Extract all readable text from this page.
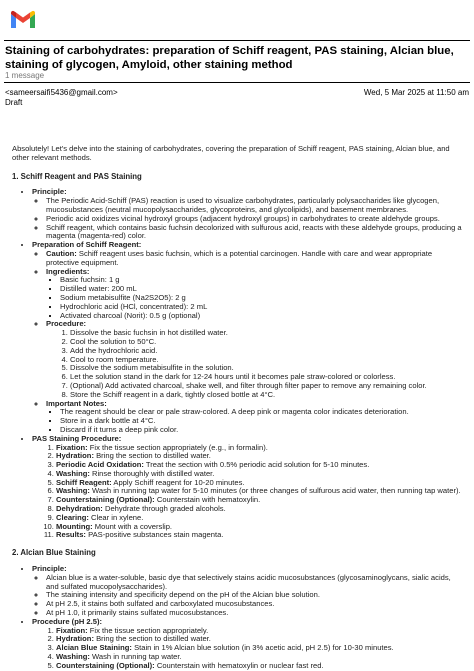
Staining of carbohydrates: preparation of Schiff reagent, PAS staining, Alcian blue, staining of glycogen, Amyloid, other staining method
1 message
<sameersaifi5436@gmail.com>	Wed, 5 Mar 2025 at 11:50 am
Draft

Absolutely! Let's delve into the staining of carbohydrates, covering the preparation of Schiff reagent, PAS staining, Alcian blue, and other relevant methods.

1. Schiff Reagent and PAS Staining
• Principle:
◦ The Periodic Acid-Schiff (PAS) reaction is used to visualize carbohydrates, particularly polysaccharides like glycogen, mucosubstances (neutral mucopolysaccharides, glycoproteins, and glycolipids), and basement membranes.
◦ Periodic acid oxidizes vicinal hydroxyl groups (adjacent hydroxyl groups) in carbohydrates to create aldehyde groups.
◦ Schiff reagent, which contains basic fuchsin decolorized with sulfurous acid, reacts with these aldehyde groups, producing a magenta (magenta-red) color.
• Preparation of Schiff Reagent:
◦ Caution: Schiff reagent uses basic fuchsin, which is a potential carcinogen. Handle with care and wear appropriate protective equipment.
◦ Ingredients:
▪ Basic fuchsin: 1 g
▪ Distilled water: 200 mL
▪ Sodium metabisulfite (Na2S2O5): 2 g
▪ Hydrochloric acid (HCl, concentrated): 2 mL
▪ Activated charcoal (Norit): 0.5 g (optional)
◦ Procedure:
1. Dissolve the basic fuchsin in hot distilled water.
2. Cool the solution to 50°C.
3. Add the hydrochloric acid.
4. Cool to room temperature.
5. Dissolve the sodium metabisulfite in the solution.
6. Let the solution stand in the dark for 12-24 hours until it becomes pale straw-colored or colorless.
7. (Optional) Add activated charcoal, shake well, and filter through filter paper to remove any remaining color.
8. Store the Schiff reagent in a dark, tightly closed bottle at 4°C.
◦ Important Notes:
▪ The reagent should be clear or pale straw-colored. A deep pink or magenta color indicates deterioration.
▪ Store in a dark bottle at 4°C.
▪ Discard if it turns a deep pink color.
• PAS Staining Procedure:
1. Fixation: Fix the tissue section appropriately (e.g., in formalin).
2. Hydration: Bring the section to distilled water.
3. Periodic Acid Oxidation: Treat the section with 0.5% periodic acid solution for 5-10 minutes.
4. Washing: Rinse thoroughly with distilled water.
5. Schiff Reagent: Apply Schiff reagent for 10-20 minutes.
6. Washing: Wash in running tap water for 5-10 minutes (or three changes of sulfurous acid water, then running tap water).
7. Counterstaining (Optional): Counterstain with hematoxylin.
8. Dehydration: Dehydrate through graded alcohols.
9. Clearing: Clear in xylene.
10. Mounting: Mount with a coverslip.
11. Results: PAS-positive substances stain magenta.
2. Alcian Blue Staining
• Principle:
◦ Alcian blue is a water-soluble, basic dye that selectively stains acidic mucosubstances (glycosaminoglycans, sialic acids, and sulfated mucopolysaccharides).
◦ The staining intensity and specificity depend on the pH of the Alcian blue solution.
◦ At pH 2.5, it stains both sulfated and carboxylated mucosubstances.
◦ At pH 1.0, it primarily stains sulfated mucosubstances.
• Procedure (pH 2.5):
1. Fixation: Fix the tissue section appropriately.
2. Hydration: Bring the section to distilled water.
3. Alcian Blue Staining: Stain in 1% Alcian blue solution (in 3% acetic acid, pH 2.5) for 10-30 minutes.
4. Washing: Wash in running tap water.
5. Counterstaining (Optional): Counterstain with hematoxylin or nuclear fast red.
